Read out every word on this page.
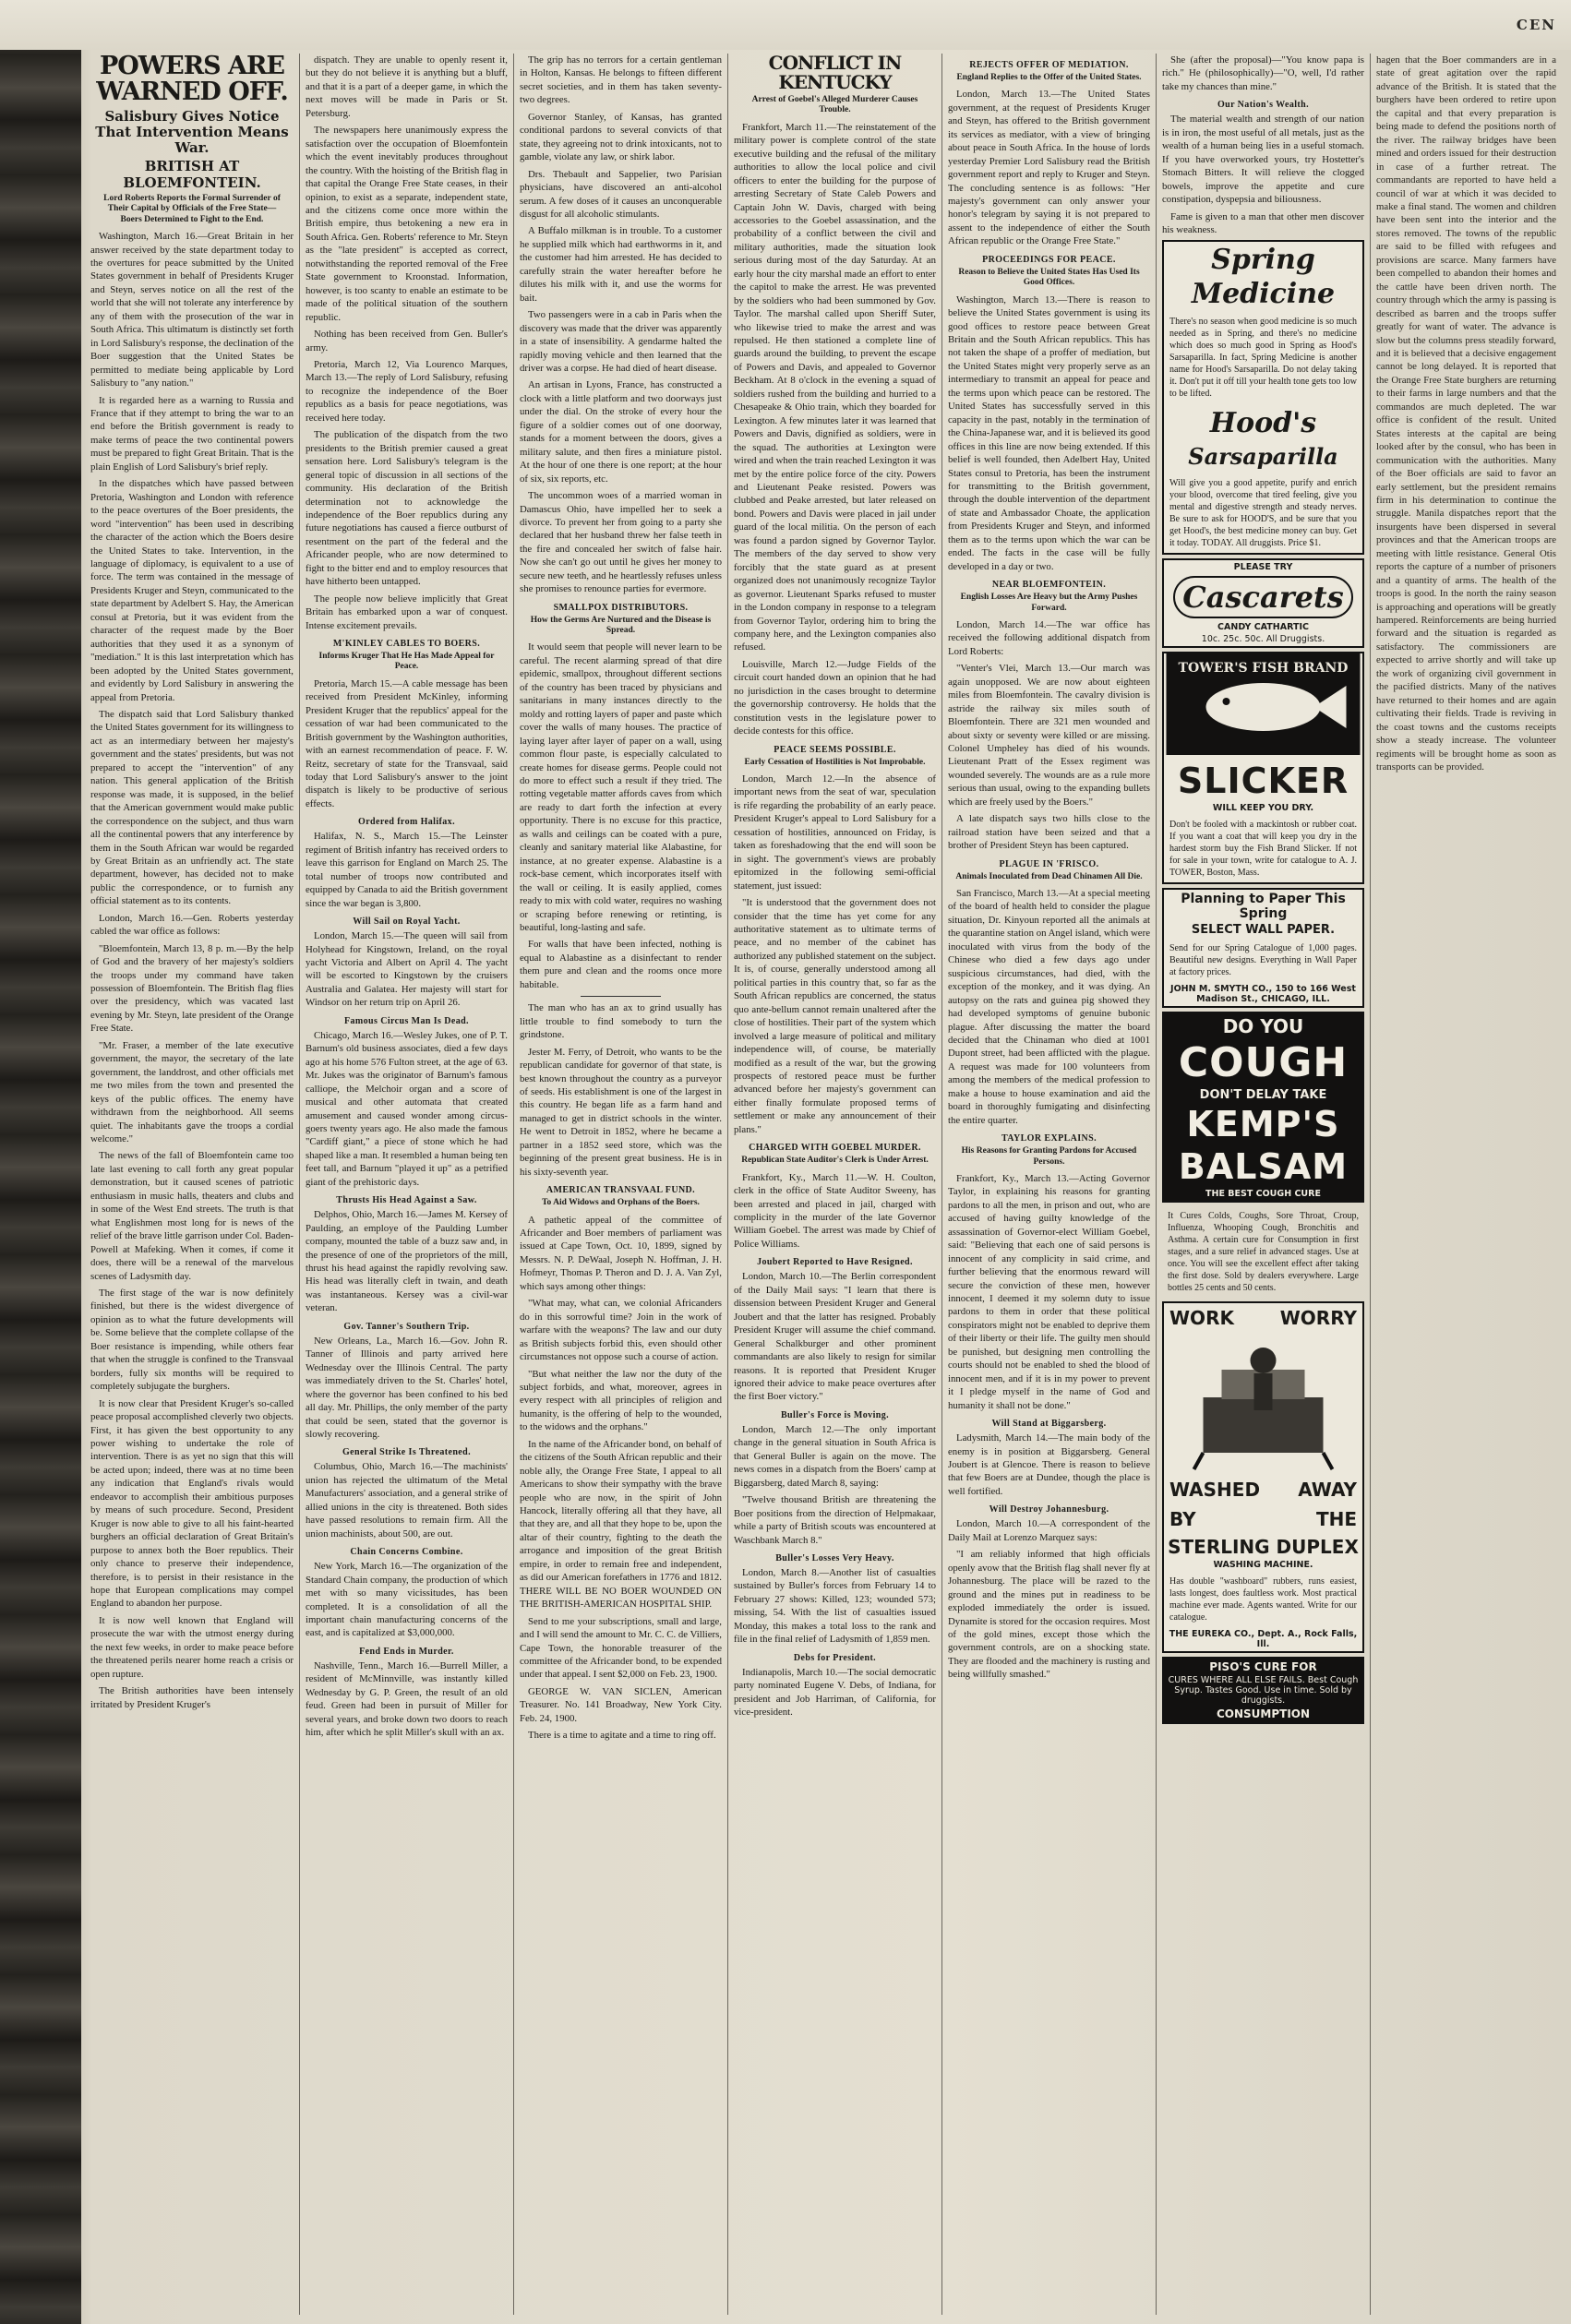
CEN
POWERS ARE WARNED OFF.
Salisbury Gives Notice That Intervention Means War.
BRITISH AT BLOEMFONTEIN.
Lord Roberts Reports the Formal Surrender of Their Capital by Officials of the Free State—Boers Determined to Fight to the End.

Washington, March 16.—Great Britain in her answer received by the state department today to the overtures for peace submitted by the United States government in behalf of Presidents Kruger and Steyn, serves notice on all the rest of the world that she will not tolerate any interference by any of them with the prosecution of the war in South Africa. This ultimatum is distinctly set forth in Lord Salisbury's response, the declination of the Boer suggestion that the United States be permitted to mediate being applicable by Lord Salisbury to "any nation."

It is regarded here as a warning to Russia and France that if they attempt to bring the war to an end before the British government is ready to make terms of peace the two continental powers must be prepared to fight Great Britain. That is the plain English of Lord Salisbury's brief reply.

In the dispatches which have passed between Pretoria, Washington and London with reference to the peace overtures of the Boer presidents, the word "intervention" has been used in describing the character of the action which the Boers desire the United States to take. Intervention, in the language of diplomacy, is equivalent to a use of force. The term was contained in the message of Presidents Kruger and Steyn, communicated to the state department by Adelbert S. Hay, the American consul at Pretoria, but it was evident from the character of the request made by the Boer authorities that they used it as a synonym of "mediation." It is this last interpretation which has been adopted by the United States government, and evidently by Lord Salisbury in answering the appeal from Pretoria.

The dispatch said that Lord Salisbury thanked the United States government for its willingness to act as an intermediary between her majesty's government and the states' presidents, but was not prepared to accept the "intervention" of any nation. This general application of the British response was made, it is supposed, in the belief that the American government would make public the correspondence on the subject, and thus warn all the continental powers that any interference by them in the South African war would be regarded by Great Britain as an unfriendly act. The state department, however, has decided not to make public the correspondence, or to furnish any official statement as to its contents.

London, March 16.—Gen. Roberts yesterday cabled the war office as follows:

"Bloemfontein, March 13, 8 p. m.—By the help of God and the bravery of her majesty's soldiers the troops under my command have taken possession of Bloemfontein. The British flag flies over the presidency, which was vacated last evening by Mr. Steyn, late president of the Orange Free State.

"Mr. Fraser, a member of the late executive government, the mayor, the secretary of the late government, the landdrost, and other officials met me two miles from the town and presented the keys of the public offices. The enemy have withdrawn from the neighborhood. All seems quiet. The inhabitants gave the troops a cordial welcome."

The news of the fall of Bloemfontein came too late last evening to call forth any great popular demonstration, but it caused scenes of patriotic enthusiasm in music halls, theaters and clubs and in some of the West End streets. The truth is that what Englishmen most long for is news of the relief of the brave little garrison under Col. Baden-Powell at Mafeking. When it comes, if come it does, there will be a renewal of the marvelous scenes of Ladysmith day.

The first stage of the war is now definitely finished, but there is the widest divergence of opinion as to what the future developments will be. Some believe that the complete collapse of the Boer resistance is impending, while others fear that when the struggle is confined to the Transvaal borders, fully six months will be required to completely subjugate the burghers.

It is now clear that President Kruger's so-called peace proposal accomplished cleverly two objects. First, it has given the best opportunity to any power wishing to undertake the role of intervention. There is as yet no sign that this will be acted upon; indeed, there was at no time been any indication that England's rivals would endeavor to accomplish their ambitious purposes by means of such procedure. Second, President Kruger is now able to give to all his faint-hearted burghers an official declaration of Great Britain's purpose to annex both the Boer republics. Their only chance to preserve their independence, therefore, is to persist in their resistance in the hope that European complications may compel England to abandon her purpose.

It is now well known that England will prosecute the war with the utmost energy during the next few weeks, in order to make peace before the threatened perils nearer home reach a crisis or open rupture.

The British authorities have been intensely irritated by President Kruger's

dispatch. They are unable to openly resent it, but they do not believe it is anything but a bluff, and that it is a part of a deeper game, in which the next moves will be made in Paris or St. Petersburg.

The newspapers here unanimously express the satisfaction over the occupation of Bloemfontein which the event inevitably produces throughout the country. With the hoisting of the British flag in that capital the Orange Free State ceases, in their opinion, to exist as a separate, independent state, and the citizens come once more within the British empire, thus betokening a new era in South Africa. Gen. Roberts' reference to Mr. Steyn as the "late president" is accepted as correct, notwithstanding the reported removal of the Free State government to Kroonstad. Information, however, is too scanty to enable an estimate to be made of the political situation of the southern republic.

Nothing has been received from Gen. Buller's army.

Pretoria, March 12, Via Lourenco Marques, March 13.—The reply of Lord Salisbury, refusing to recognize the independence of the Boer republics as a basis for peace negotiations, was received here today.

The publication of the dispatch from the two presidents to the British premier caused a great sensation here. Lord Salisbury's telegram is the general topic of discussion in all sections of the community. His declaration of the British determination not to acknowledge the independence of the Boer republics during any future negotiations has caused a fierce outburst of resentment on the part of the federal and the Africander people, who are now determined to fight to the bitter end and to employ resources that have hitherto been untapped.

The people now believe implicitly that Great Britain has embarked upon a war of conquest. Intense excitement prevails.

M'KINLEY CABLES TO BOERS.
Informs Kruger That He Has Made Appeal for Peace.

Pretoria, March 15.—A cable message has been received from President McKinley, informing President Kruger that the republics' appeal for the cessation of war had been communicated to the British government by the Washington authorities, with an earnest recommendation of peace. F. W. Reitz, secretary of state for the Transvaal, said today that Lord Salisbury's answer to the joint dispatch is likely to be productive of serious effects.

Ordered from Halifax.

Halifax, N. S., March 15.—The Leinster regiment of British infantry has received orders to leave this garrison for England on March 25. The total number of troops now contributed and equipped by Canada to aid the British government since the war began is 3,800.

Will Sail on Royal Yacht.

London, March 15.—The queen will sail from Holyhead for Kingstown, Ireland, on the royal yacht Victoria and Albert on April 4. The yacht will be escorted to Kingstown by the cruisers Australia and Galatea. Her majesty will start for Windsor on her return trip on April 26.

Famous Circus Man Is Dead.

Chicago, March 16.—Wesley Jukes, one of P. T. Barnum's old business associates, died a few days ago at his home 576 Fulton street, at the age of 63. Mr. Jukes was the originator of Barnum's famous calliope, the Melchoir organ and a score of musical and other automata that created amusement and caused wonder among circus-goers twenty years ago. He also made the famous "Cardiff giant," a piece of stone which he had shaped like a man. It resembled a human being ten feet tall, and Barnum "played it up" as a petrified giant of the prehistoric days.

Thrusts His Head Against a Saw.

Delphos, Ohio, March 16.—James M. Kersey of Paulding, an employe of the Paulding Lumber company, mounted the table of a buzz saw and, in the presence of one of the proprietors of the mill, thrust his head against the rapidly revolving saw. His head was literally cleft in twain, and death was instantaneous. Kersey was a civil-war veteran.

Gov. Tanner's Southern Trip.

New Orleans, La., March 16.—Gov. John R. Tanner of Illinois and party arrived here Wednesday over the Illinois Central. The party was immediately driven to the St. Charles' hotel, where the governor has been confined to his bed all day. Mr. Phillips, the only member of the party that could be seen, stated that the governor is slowly recovering.

General Strike Is Threatened.

Columbus, Ohio, March 16.—The machinists' union has rejected the ultimatum of the Metal Manufacturers' association, and a general strike of allied unions in the city is threatened. Both sides have passed resolutions to remain firm. All the union machinists, about 500, are out.

Chain Concerns Combine.

New York, March 16.—The organization of the Standard Chain company, the production of which met with so many vicissitudes, has been completed. It is a consolidation of all the important chain manufacturing concerns of the east, and is capitalized at $3,000,000.

Fend Ends in Murder.

Nashville, Tenn., March 16.—Burrell Miller, a resident of McMinnville, was instantly killed Wednesday by G. P. Green, the result of an old feud. Green had been in pursuit of Miller for several years, and broke down two doors to reach him, after which he split Miller's skull with an ax.

The grip has no terrors for a certain gentleman in Holton, Kansas. He belongs to fifteen different secret societies, and in them has taken seventy-two degrees.

Governor Stanley, of Kansas, has granted conditional pardons to several convicts of that state, they agreeing not to drink intoxicants, not to gamble, violate any law, or shirk labor.

Drs. Thebault and Sappelier, two Parisian physicians, have discovered an anti-alcohol serum. A few doses of it causes an unconquerable disgust for all alcoholic stimulants.

A Buffalo milkman is in trouble. To a customer he supplied milk which had earthworms in it, and the customer had him arrested. He has decided to carefully strain the water hereafter before he dilutes his milk with it, and use the worms for bait.

Two passengers were in a cab in Paris when the discovery was made that the driver was apparently in a state of insensibility. A gendarme halted the rapidly moving vehicle and then learned that the driver was a corpse. He had died of heart disease.

An artisan in Lyons, France, has constructed a clock with a little platform and two doorways just under the dial. On the stroke of every hour the figure of a soldier comes out of one doorway, stands for a moment between the doors, gives a military salute, and then fires a miniature pistol. At the hour of one there is one report; at the hour of six, six reports, etc.

The uncommon woes of a married woman in Damascus Ohio, have impelled her to seek a divorce. To prevent her from going to a party she declared that her husband threw her false teeth in the fire and concealed her switch of false hair. Now she can't go out until he gives her money to secure new teeth, and he heartlessly refuses unless she promises to renounce parties for evermore.

SMALLPOX DISTRIBUTORS.
How the Germs Are Nurtured and the Disease is Spread.

It would seem that people will never learn to be careful. The recent alarming spread of that dire epidemic, smallpox, throughout different sections of the country has been traced by physicians and sanitarians in many instances directly to the moldy and rotting layers of paper and paste which cover the walls of many houses. The practice of laying layer after layer of paper on a wall, using common flour paste, is especially calculated to create homes for disease germs. People could not do more to effect such a result if they tried. The rotting vegetable matter affords caves from which are ready to dart forth the infection at every opportunity. There is no excuse for this practice, as walls and ceilings can be coated with a pure, cleanly and sanitary material like Alabastine, for instance, at no greater expense. Alabastine is a rock-base cement, which incorporates itself with the wall or ceiling. It is easily applied, comes ready to mix with cold water, requires no washing or scraping before renewing or retinting, is beautiful, long-lasting and safe.

For walls that have been infected, nothing is equal to Alabastine as a disinfectant to render them pure and clean and the rooms once more habitable.

The man who has an ax to grind usually has little trouble to find somebody to turn the grindstone.

Jester M. Ferry, of Detroit, who wants to be the republican candidate for governor of that state, is best known throughout the country as a purveyor of seeds. His establishment is one of the largest in this country. He began life as a farm hand and managed to get in district schools in the winter. He went to Detroit in 1852, where he became a partner in a 1852 seed store, which was the beginning of the present great business. He is in his sixty-seventh year.

AMERICAN TRANSVAAL FUND.
To Aid Widows and Orphans of the Boers.

A pathetic appeal of the committee of Africander and Boer members of parliament was issued at Cape Town, Oct. 10, 1899, signed by Messrs. N. P. DeWaal, Joseph N. Hoffman, J. H. Hofmeyr, Thomas P. Theron and D. J. A. Van Zyl, which says among other things:

"What may, what can, we colonial Africanders do in this sorrowful time? Join in the work of warfare with the weapons? The law and our duty as British subjects forbid this, even should other circumstances not oppose such a course of action.

"But what neither the law nor the duty of the subject forbids, and what, moreover, agrees in every respect with all principles of religion and humanity, is the offering of help to the wounded, to the widows and the orphans."

In the name of the Africander bond, on behalf of the citizens of the South African republic and their noble ally, the Orange Free State, I appeal to all Americans to show their sympathy with the brave people who are now, in the spirit of John Hancock, literally offering all that they have, all that they are, and all that they hope to be, upon the altar of their country, fighting to the death the arrogance and imposition of the great British empire, in order to remain free and independent, as did our American forefathers in 1776 and 1812. THERE WILL BE NO BOER WOUNDED ON THE BRITISH-AMERICAN HOSPITAL SHIP.

Send to me your subscriptions, small and large, and I will send the amount to Mr. C. C. de Villiers, Cape Town, the honorable treasurer of the committee of the Africander bond, to be expended under that appeal. I sent $2,000 on Feb. 23, 1900.

GEORGE W. VAN SICLEN, American Treasurer. No. 141 Broadway, New York City. Feb. 24, 1900.

There is a time to agitate and a time to ring off.

CONFLICT IN KENTUCKY
Arrest of Goebel's Alleged Murderer Causes Trouble.

Frankfort, March 11.—The reinstatement of the military power is complete control of the state executive building and the refusal of the military authorities to allow the local police and civil officers to enter the building for the purpose of arresting Secretary of State Caleb Powers and Captain John W. Davis, charged with being accessories to the Goebel assassination, and the probability of a conflict between the civil and military authorities, made the situation look serious during most of the day Saturday. At an early hour the city marshal made an effort to enter the capitol to make the arrest. He was prevented by the soldiers who had been summoned by Gov. Taylor. The marshal called upon Sheriff Suter, who likewise tried to make the arrest and was repulsed. He then stationed a complete line of guards around the building, to prevent the escape of Powers and Davis, and appealed to Governor Beckham. At 8 o'clock in the evening a squad of soldiers rushed from the building and hurried to a Chesapeake & Ohio train, which they boarded for Lexington. A few minutes later it was learned that Powers and Davis, dignified as soldiers, were in the squad. The authorities at Lexington were wired and when the train reached Lexington it was met by the entire police force of the city. Powers and Lieutenant Peake resisted. Powers was clubbed and Peake arrested, but later released on bond. Powers and Davis were placed in jail under guard of the local militia. On the person of each was found a pardon signed by Governor Taylor. The members of the day served to show very forcibly that the state guard as at present organized does not unanimously recognize Taylor as governor. Lieutenant Sparks refused to muster in the London company in response to a telegram from Governor Taylor, ordering him to bring the company here, and the Lexington companies also refused.

Louisville, March 12.—Judge Fields of the circuit court handed down an opinion that he had no jurisdiction in the cases brought to determine the governorship controversy. He holds that the constitution vests in the legislature power to decide contests for this office.

PEACE SEEMS POSSIBLE.
Early Cessation of Hostilities is Not Improbable.

London, March 12.—In the absence of important news from the seat of war, speculation is rife regarding the probability of an early peace. President Kruger's appeal to Lord Salisbury for a cessation of hostilities, announced on Friday, is taken as foreshadowing that the end will soon be in sight. The government's views are probably epitomized in the following semi-official statement, just issued:

"It is understood that the government does not consider that the time has yet come for any authoritative statement as to ultimate terms of peace, and no member of the cabinet has authorized any published statement on the subject. It is, of course, generally understood among all political parties in this country that, so far as the South African republics are concerned, the status quo ante-bellum cannot remain unaltered after the close of hostilities. Their part of the system which involved a large measure of political and military independence will, of course, be materially modified as a result of the war, but the growing prospects of restored peace must be further advanced before her majesty's government can either finally formulate proposed terms of settlement or make any announcement of their plans."

CHARGED WITH GOEBEL MURDER.
Republican State Auditor's Clerk is Under Arrest.

Frankfort, Ky., March 11.—W. H. Coulton, clerk in the office of State Auditor Sweeny, has been arrested and placed in jail, charged with complicity in the murder of the late Governor William Goebel. The arrest was made by Chief of Police Williams.

Joubert Reported to Have Resigned.

London, March 10.—The Berlin correspondent of the Daily Mail says: "I learn that there is dissension between President Kruger and General Joubert and that the latter has resigned. Probably President Kruger will assume the chief command. General Schalkburger and other prominent commandants are also likely to resign for similar reasons. It is reported that President Kruger ignored their advice to make peace overtures after the first Boer victory."

Buller's Force is Moving.

London, March 12.—The only important change in the general situation in South Africa is that General Buller is again on the move. The news comes in a dispatch from the Boers' camp at Biggarsberg, dated March 8, saying:

"Twelve thousand British are threatening the Boer positions from the direction of Helpmakaar, while a party of British scouts was encountered at Waschbank March 8."

Buller's Losses Very Heavy.

London, March 8.—Another list of casualties sustained by Buller's forces from February 14 to February 27 shows: Killed, 123; wounded 573; missing, 54. With the list of casualties issued Monday, this makes a total loss to the rank and file in the final relief of Ladysmith of 1,859 men.

Debs for President.

Indianapolis, March 10.—The social democratic party nominated Eugene V. Debs, of Indiana, for president and Job Harriman, of California, for vice-president.

REJECTS OFFER OF MEDIATION.
England Replies to the Offer of the United States.

London, March 13.—The United States government, at the request of Presidents Kruger and Steyn, has offered to the British government its services as mediator, with a view of bringing about peace in South Africa. In the house of lords yesterday Premier Lord Salisbury read the British government report and reply to Kruger and Steyn. The concluding sentence is as follows: "Her majesty's government can only answer your honor's telegram by saying it is not prepared to assent to the independence of either the South African republic or the Orange Free State."

PROCEEDINGS FOR PEACE.
Reason to Believe the United States Has Used Its Good Offices.

Washington, March 13.—There is reason to believe the United States government is using its good offices to restore peace between Great Britain and the South African republics. This has not taken the shape of a proffer of mediation, but the United States might very properly serve as an intermediary to transmit an appeal for peace and the terms upon which peace can be restored. The United States has successfully served in this capacity in the past, notably in the termination of the China-Japanese war, and it is believed its good offices in this line are now being extended. If this belief is well founded, then Adelbert Hay, United States consul to Pretoria, has been the instrument for transmitting to the British government, through the double intervention of the department of state and Ambassador Choate, the application from Presidents Kruger and Steyn, and informed them as to the terms upon which the war can be ended. The facts in the case will be fully developed in a day or two.

NEAR BLOEMFONTEIN.
English Losses Are Heavy but the Army Pushes Forward.

London, March 14.—The war office has received the following additional dispatch from Lord Roberts:

"Venter's Vlei, March 13.—Our march was again unopposed. We are now about eighteen miles from Bloemfontein. The cavalry division is astride the railway six miles south of Bloemfontein. There are 321 men wounded and about sixty or seventy were killed or are missing. Colonel Umpheley has died of his wounds. Lieutenant Pratt of the Essex regiment was wounded severely. The wounds are as a rule more serious than usual, owing to the expanding bullets which are freely used by the Boers."

A late dispatch says two hills close to the railroad station have been seized and that a brother of President Steyn has been captured.

PLAGUE IN 'FRISCO.
Animals Inoculated from Dead Chinamen All Die.

San Francisco, March 13.—At a special meeting of the board of health held to consider the plague situation, Dr. Kinyoun reported all the animals at the quarantine station on Angel island, which were inoculated with virus from the body of the Chinese who died a few days ago under suspicious circumstances, had died, with the exception of the monkey, and it was dying. An autopsy on the rats and guinea pig showed they had developed symptoms of genuine bubonic plague. After discussing the matter the board decided that the Chinaman who died at 1001 Dupont street, had been afflicted with the plague. A request was made for 100 volunteers from among the members of the medical profession to make a house to house examination and aid the board in thoroughly fumigating and disinfecting the entire quarter.

TAYLOR EXPLAINS.
His Reasons for Granting Pardons for Accused Persons.

Frankfort, Ky., March 13.—Acting Governor Taylor, in explaining his reasons for granting pardons to all the men, in prison and out, who are accused of having guilty knowledge of the assassination of Governor-elect William Goebel, said: "Believing that each one of said persons is innocent of any complicity in said crime, and further believing that the enormous reward will secure the conviction of these men, however innocent, I deemed it my solemn duty to issue pardons to them in order that these political conspirators might not be enabled to deprive them of their liberty or their life. The guilty men should be punished, but designing men controlling the courts should not be enabled to shed the blood of innocent men, and if it is in my power to prevent it I pledge myself in the name of God and humanity it shall not be done."

Will Stand at Biggarsberg.

Ladysmith, March 14.—The main body of the enemy is in position at Biggarsberg. General Joubert is at Glencoe. There is reason to believe that few Boers are at Dundee, though the place is well fortified.

Will Destroy Johannesburg.

London, March 10.—A correspondent of the Daily Mail at Lorenzo Marquez says:

"I am reliably informed that high officials openly avow that the British flag shall never fly at Johannesburg. The place will be razed to the ground and the mines put in readiness to be exploded immediately the order is issued. Dynamite is stored for the occasion requires. Most of the gold mines, except those which the government controls, are on a shocking state. They are flooded and the machinery is rusting and being willfully smashed."

She (after the proposal)—"You know papa is rich." He (philosophically)—"O, well, I'd rather take my chances than mine."

Our Nation's Wealth.

The material wealth and strength of our nation is in iron, the most useful of all metals, just as the wealth of a human being lies in a useful stomach. If you have overworked yours, try Hostetter's Stomach Bitters. It will relieve the clogged bowels, improve the appetite and cure constipation, dyspepsia and biliousness.

Fame is given to a man that other men discover his weakness.

Spring
Medicine
There's no season when good medicine is so much needed as in Spring, and there's no medicine which does so much good in Spring as Hood's Sarsaparilla. In fact, Spring Medicine is another name for Hood's Sarsaparilla. Do not delay taking it. Don't put it off till your health tone gets too low to be lifted.
Hood's
Sarsaparilla
Will give you a good appetite, purify and enrich your blood, overcome that tired feeling, give you mental and digestive strength and steady nerves. Be sure to ask for HOOD'S, and be sure that you get Hood's, the best medicine money can buy. Get it today. TODAY. All druggists. Price $1.
PLEASE TRY
Cascarets
CANDY CATHARTIC
10c. 25c. 50c. All Druggists.
TOWER'S FISH BRAND
SLICKER
WILL KEEP YOU DRY.
Don't be fooled with a mackintosh or rubber coat. If you want a coat that will keep you dry in the hardest storm buy the Fish Brand Slicker. If not for sale in your town, write for catalogue to A. J. TOWER, Boston, Mass.
Planning to Paper This Spring
SELECT WALL PAPER.
Send for our Spring Catalogue of 1,000 pages. Beautiful new designs. Everything in Wall Paper at factory prices.
JOHN M. SMYTH CO., 150 to 166 West Madison St., CHICAGO, ILL.
DO YOU
COUGH
DON'T DELAY TAKE
KEMP'S
BALSAM
THE BEST COUGH CURE
It Cures Colds, Coughs, Sore Throat, Croup, Influenza, Whooping Cough, Bronchitis and Asthma. A certain cure for Consumption in first stages, and a sure relief in advanced stages. Use at once. You will see the excellent effect after taking the first dose. Sold by dealers everywhere. Large bottles 25 cents and 50 cents.
WORK WORRY
WASHED AWAY
BY	THE
STERLING DUPLEX
WASHING MACHINE.
Has double "washboard" rubbers, runs easiest, lasts longest, does faultless work. Most practical machine ever made. Agents wanted. Write for our catalogue.
THE EUREKA CO., Dept. A., Rock Falls, Ill.
PISO'S CURE FOR
CURES WHERE ALL ELSE FAILS. Best Cough Syrup. Tastes Good. Use in time. Sold by druggists.
CONSUMPTION
hagen that the Boer commanders are in a state of great agitation over the rapid advance of the British. It is stated that the burghers have been ordered to retire upon the capital and that every preparation is being made to defend the positions north of the river. The railway bridges have been mined and orders issued for their destruction in case of a further retreat. The commandants are reported to have held a council of war at which it was decided to make a final stand. The women and children have been sent into the interior and the stores removed. The towns of the republic are said to be filled with refugees and provisions are scarce. Many farmers have been compelled to abandon their homes and the cattle have been driven north. The country through which the army is passing is described as barren and the troops suffer greatly for want of water. The advance is slow but the columns press steadily forward, and it is believed that a decisive engagement cannot be long delayed. It is reported that the Orange Free State burghers are returning to their farms in large numbers and that the commandos are much depleted. The war office is confident of the result. United States interests at the capital are being looked after by the consul, who has been in communication with the authorities. Many of the Boer officials are said to favor an early settlement, but the president remains firm in his determination to continue the struggle. Manila dispatches report that the insurgents have been dispersed in several provinces and that the American troops are meeting with little resistance. General Otis reports the capture of a number of prisoners and a quantity of arms. The health of the troops is good. In the north the rainy season is approaching and operations will be greatly hampered. Reinforcements are being hurried forward and the situation is regarded as satisfactory. The commissioners are expected to arrive shortly and will take up the work of organizing civil government in the pacified districts. Many of the natives have returned to their homes and are again cultivating their fields. Trade is reviving in the coast towns and the customs receipts show a steady increase. The volunteer regiments will be brought home as soon as transports can be provided.
